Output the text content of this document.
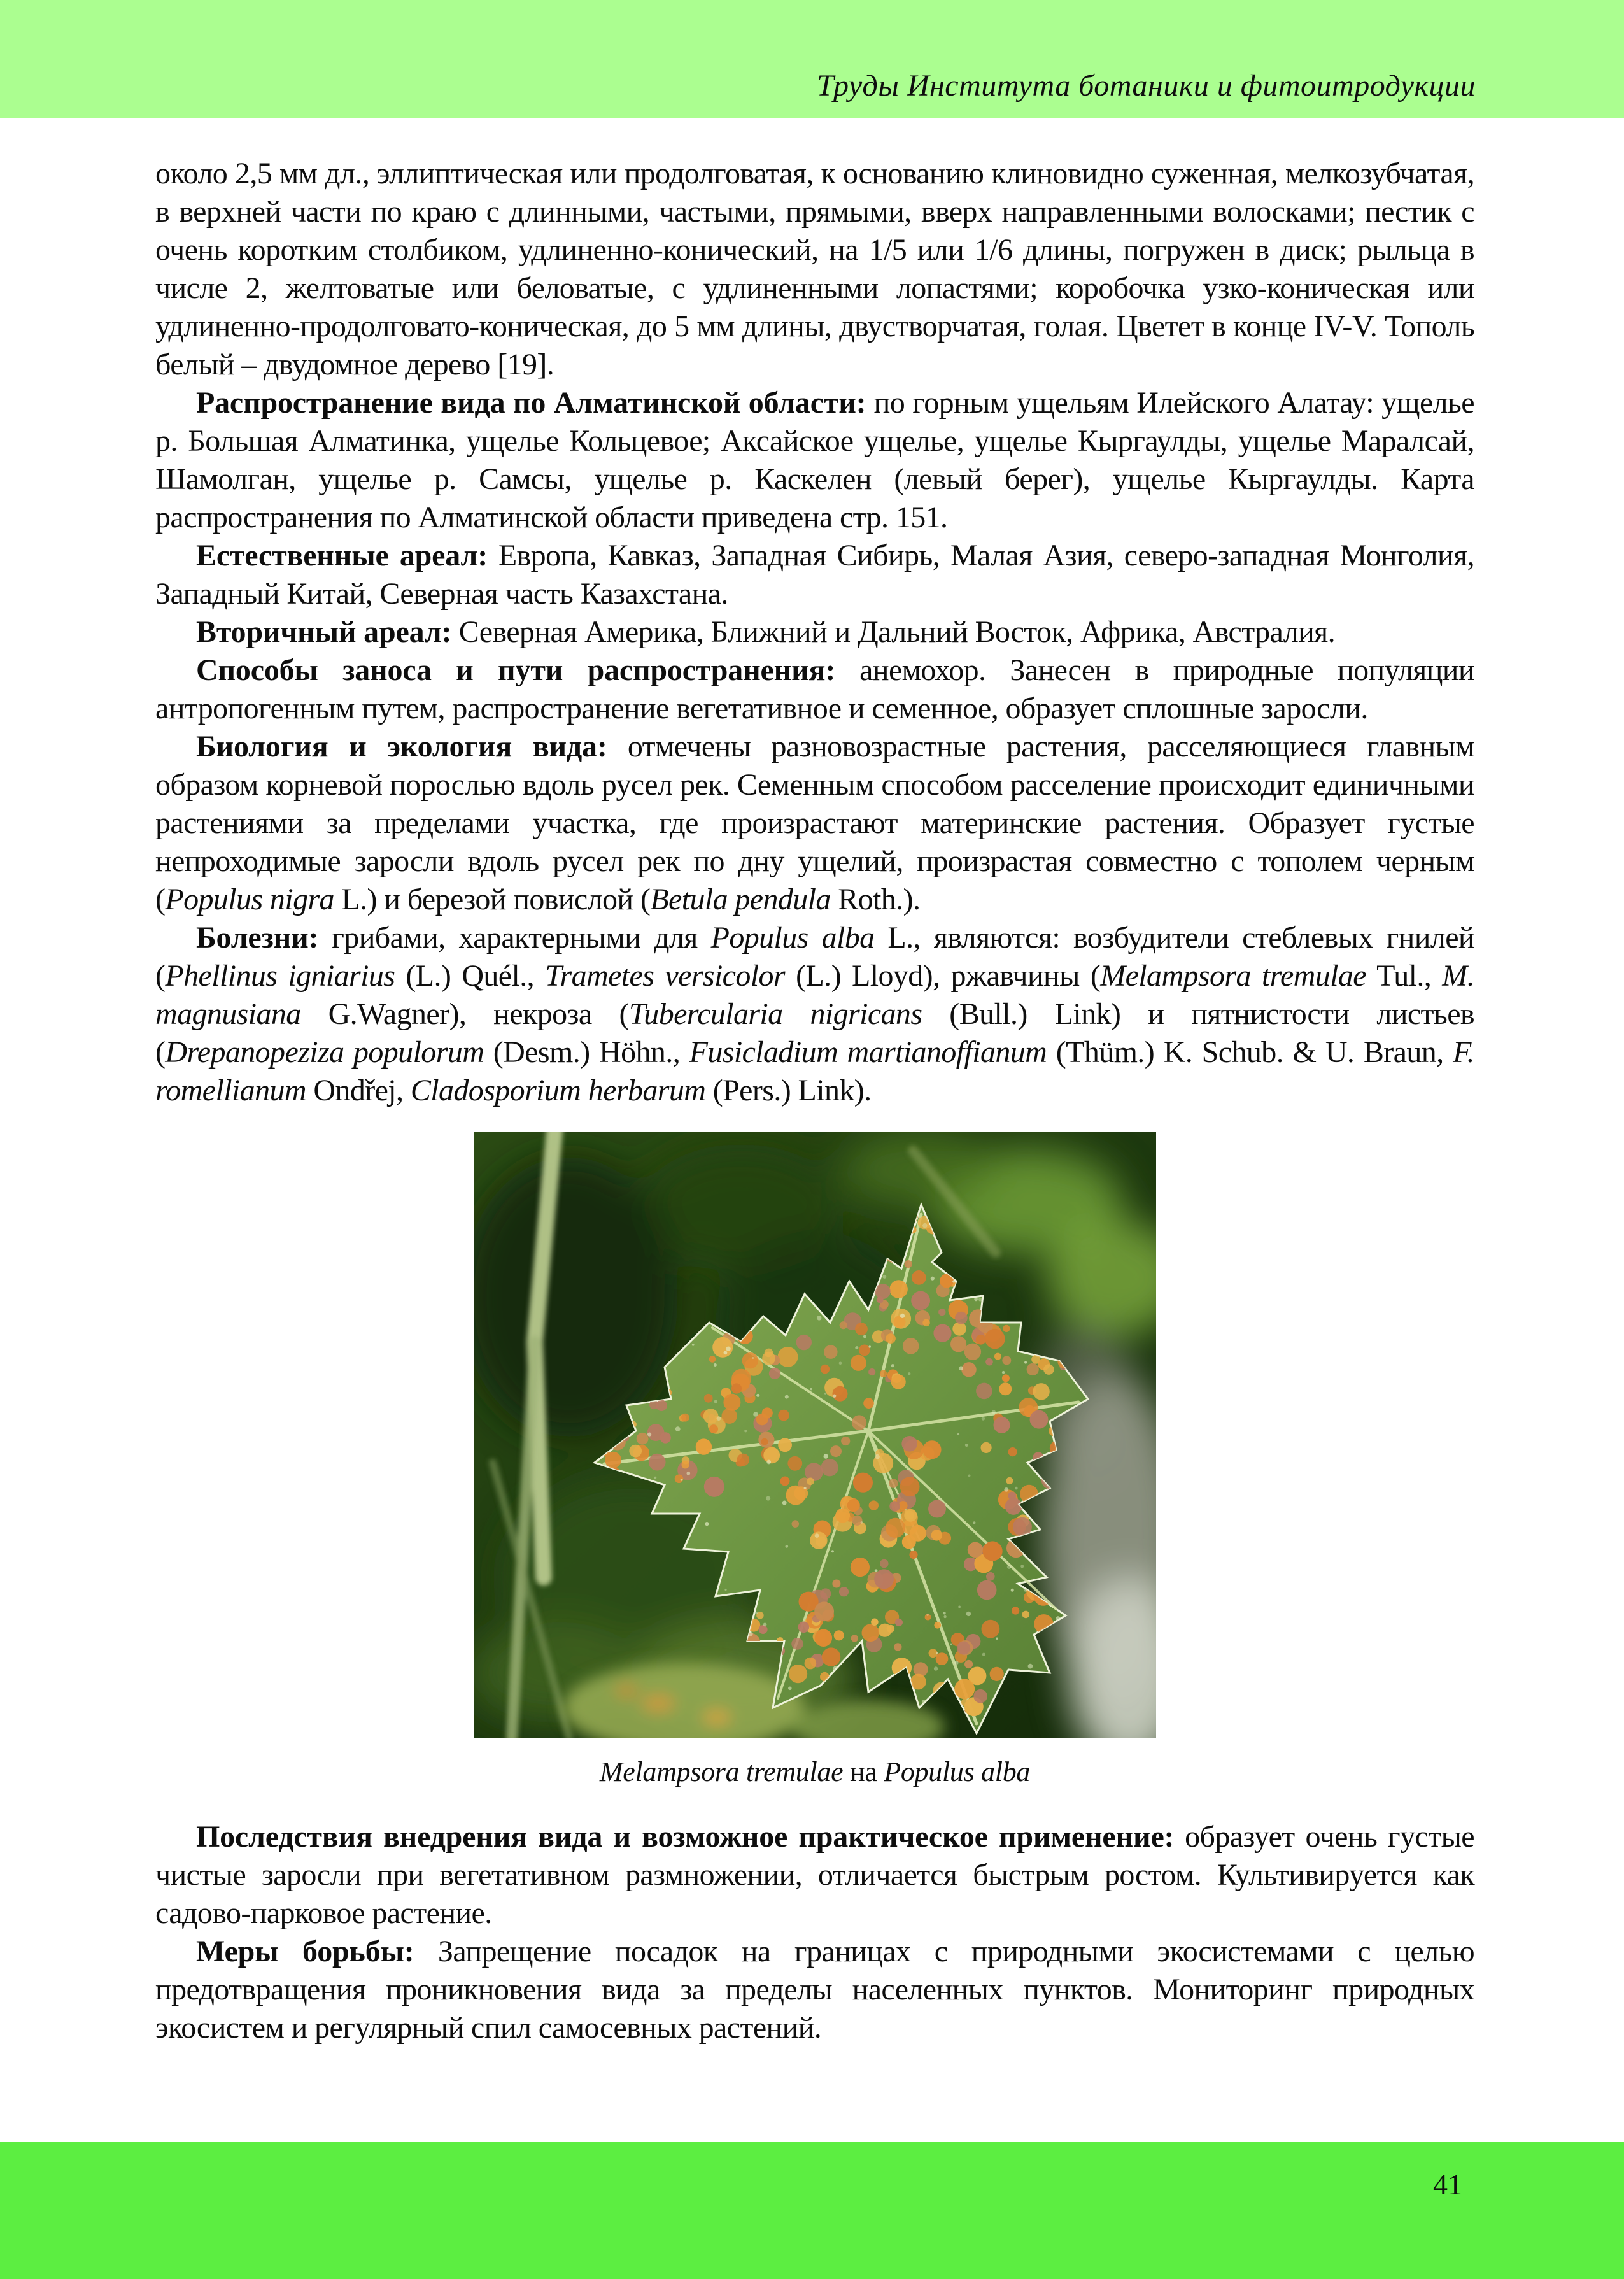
Труды Института ботаники и фитоитродукции

около 2,5 мм дл., эллиптическая или продолговатая, к основанию клиновидно суженная, мелкозубчатая, в верхней части по краю с длинными, частыми, прямыми, вверх направленными волосками; пестик с очень коротким столбиком, удлиненно-конический, на 1/5 или 1/6 длины, погружен в диск; рыльца в числе 2, желтоватые или беловатые, с удлиненными лопастями; коробочка узко-коническая или удлиненно-продолговато-коническая, до 5 мм длины, двустворчатая, голая. Цветет в конце IV-V. Тополь белый – двудомное дерево [19].

Распространение вида по Алматинской области: по горным ущельям Илейского Алатау: ущелье р. Большая Алматинка, ущелье Кольцевое; Аксайское ущелье, ущелье Кыргаулды, ущелье Маралсай, Шамолган, ущелье р. Самсы, ущелье р. Каскелен (левый берег), ущелье Кыргаулды. Карта распространения по Алматинской области приведена стр. 151.

Естественные ареал: Европа, Кавказ, Западная Сибирь, Малая Азия, северо-западная Монголия, Западный Китай, Северная часть Казахстана.

Вторичный ареал: Северная Америка, Ближний и Дальний Восток, Африка, Австралия.

Способы заноса и пути распространения: анемохор. Занесен в природные популяции антропогенным путем, распространение вегетативное и семенное, образует сплошные заросли.

Биология и экология вида: отмечены разновозрастные растения, расселяющиеся главным образом корневой порослью вдоль русел рек. Семенным способом расселение происходит единичными растениями за пределами участка, где произрастают материнские растения. Образует густые непроходимые заросли вдоль русел рек по дну ущелий, произрастая совместно с тополем черным (Populus nigra L.) и березой повислой (Betula pendula Roth.).

Болезни: грибами, характерными для Populus alba L., являются: возбудители стеблевых гнилей (Phellinus igniarius (L.) Quél., Trametes versicolor (L.) Lloyd), ржавчины (Melampsora tremulae Tul., M. magnusiana G.Wagner), некроза (Tubercularia nigricans (Bull.) Link) и пятнистости листьев (Drepanopeziza populorum (Desm.) Höhn., Fusicladium martianoffianum (Thüm.) K. Schub. & U. Braun, F. romellianum Ondřej, Cladosporium herbarum (Pers.) Link).

Melampsora tremulae на Populus alba

Последствия внедрения вида и возможное практическое применение: образует очень густые чистые заросли при вегетативном размножении, отличается быстрым ростом. Культивируется как садово-парковое растение.

Меры борьбы: Запрещение посадок на границах с природными экосистемами с целью предотвращения проникновения вида за пределы населенных пунктов. Мониторинг природных экосистем и регулярный спил самосевных растений.

41
